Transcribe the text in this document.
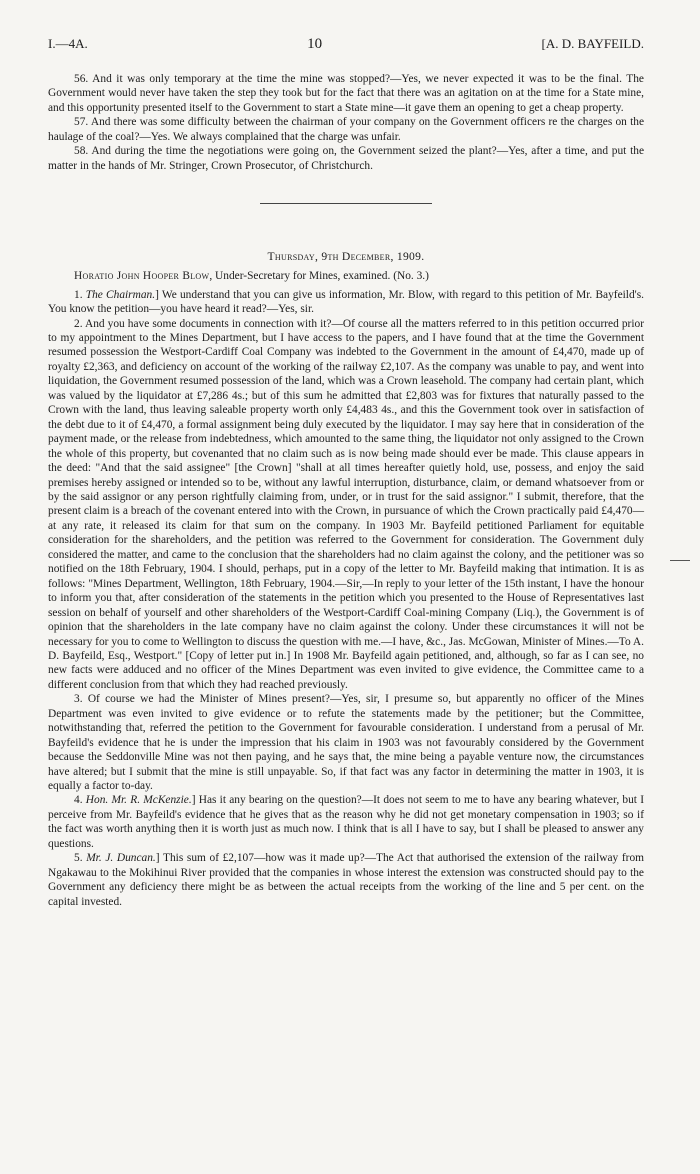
I.—4A.	10	[A. D. BAYFEILD.

56. And it was only temporary at the time the mine was stopped?—Yes, we never expected it was to be the final. The Government would never have taken the step they took but for the fact that there was an agitation on at the time for a State mine, and this opportunity presented itself to the Government to start a State mine—it gave them an opening to get a cheap property.

57. And there was some difficulty between the chairman of your company on the Government officers re the charges on the haulage of the coal?—Yes. We always complained that the charge was unfair.

58. And during the time the negotiations were going on, the Government seized the plant?—Yes, after a time, and put the matter in the hands of Mr. Stringer, Crown Prosecutor, of Christchurch.

Thursday, 9th December, 1909.
Horatio John Hooper Blow, Under-Secretary for Mines, examined. (No. 3.)

1. The Chairman.] We understand that you can give us information, Mr. Blow, with regard to this petition of Mr. Bayfeild's. You know the petition—you have heard it read?—Yes, sir.

2. And you have some documents in connection with it?—Of course all the matters referred to in this petition occurred prior to my appointment to the Mines Department, but I have access to the papers, and I have found that at the time the Government resumed possession the Westport-Cardiff Coal Company was indebted to the Government in the amount of £4,470, made up of royalty £2,363, and deficiency on account of the working of the railway £2,107. As the company was unable to pay, and went into liquidation, the Government resumed possession of the land, which was a Crown leasehold. The company had certain plant, which was valued by the liquidator at £7,286 4s.; but of this sum he admitted that £2,803 was for fixtures that naturally passed to the Crown with the land, thus leaving saleable property worth only £4,483 4s., and this the Government took over in satisfaction of the debt due to it of £4,470, a formal assignment being duly executed by the liquidator. I may say here that in consideration of the payment made, or the release from indebtedness, which amounted to the same thing, the liquidator not only assigned to the Crown the whole of this property, but covenanted that no claim such as is now being made should ever be made. This clause appears in the deed: "And that the said assignee" [the Crown] "shall at all times hereafter quietly hold, use, possess, and enjoy the said premises hereby assigned or intended so to be, without any lawful interruption, disturbance, claim, or demand whatsoever from or by the said assignor or any person rightfully claiming from, under, or in trust for the said assignor." I submit, therefore, that the present claim is a breach of the covenant entered into with the Crown, in pursuance of which the Crown practically paid £4,470—at any rate, it released its claim for that sum on the company. In 1903 Mr. Bayfeild petitioned Parliament for equitable consideration for the shareholders, and the petition was referred to the Government for consideration. The Government duly considered the matter, and came to the conclusion that the shareholders had no claim against the colony, and the petitioner was so notified on the 18th February, 1904. I should, perhaps, put in a copy of the letter to Mr. Bayfeild making that intimation. It is as follows: "Mines Department, Wellington, 18th February, 1904.—Sir,—In reply to your letter of the 15th instant, I have the honour to inform you that, after consideration of the statements in the petition which you presented to the House of Representatives last session on behalf of yourself and other shareholders of the Westport-Cardiff Coal-mining Company (Liq.), the Government is of opinion that the shareholders in the late company have no claim against the colony. Under these circumstances it will not be necessary for you to come to Wellington to discuss the question with me.—I have, &c., Jas. McGowan, Minister of Mines.—To A. D. Bayfeild, Esq., Westport." [Copy of letter put in.] In 1908 Mr. Bayfeild again petitioned, and, although, so far as I can see, no new facts were adduced and no officer of the Mines Department was even invited to give evidence, the Committee came to a different conclusion from that which they had reached previously.

3. Of course we had the Minister of Mines present?—Yes, sir, I presume so, but apparently no officer of the Mines Department was even invited to give evidence or to refute the statements made by the petitioner; but the Committee, notwithstanding that, referred the petition to the Government for favourable consideration. I understand from a perusal of Mr. Bayfeild's evidence that he is under the impression that his claim in 1903 was not favourably considered by the Government because the Seddonville Mine was not then paying, and he says that, the mine being a payable venture now, the circumstances have altered; but I submit that the mine is still unpayable. So, if that fact was any factor in determining the matter in 1903, it is equally a factor to-day.

4. Hon. Mr. R. McKenzie.] Has it any bearing on the question?—It does not seem to me to have any bearing whatever, but I perceive from Mr. Bayfeild's evidence that he gives that as the reason why he did not get monetary compensation in 1903; so if the fact was worth anything then it is worth just as much now. I think that is all I have to say, but I shall be pleased to answer any questions.

5. Mr. J. Duncan.] This sum of £2,107—how was it made up?—The Act that authorised the extension of the railway from Ngakawau to the Mokihinui River provided that the companies in whose interest the extension was constructed should pay to the Government any deficiency there might be as between the actual receipts from the working of the line and 5 per cent. on the capital invested.
